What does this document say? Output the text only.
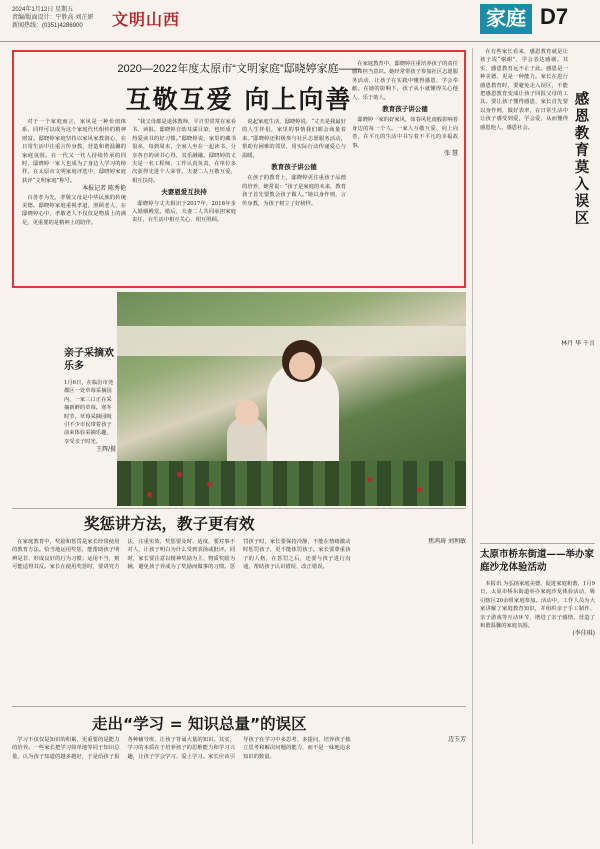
2024年1月12日 星期五
责编/版面设计：宁胜高 刘芷妍
新闻热线：(0351)4286900	文明山西	家庭 D7
2020—2022年度太原市“文明家庭”邸晓婷家庭——
互敬互爱 向上向善

对于一个家庭而言，家风是一种价值体系，同样可以成为这个家庭代代相传的精神财富。邸晓婷家庭坚持以家风家教润心，在日常生活中注重言传身教，营造和谐温馨的家庭氛围。在一代又一代人持续传承的同时，邸晓婷一家人也成为了身边人学习的榜样。在太原市文明家庭评选中，邸晓婷家庭获评“文明家庭”称号。

本报记者 陈秀艳

百善孝为先，孝敬父母是中华民族的传统美德。邸晓婷家庭重视孝道，照顾老人，在邸晓婷心中，孝敬老人不仅仅是物质上的满足，更重要的是精神上的陪伴。

“我父母都是退休教师，平日里常常在家看书、读报。邸晓婷自幼耳濡目染，也形成了热爱读书的好习惯。”邸晓婷说，家里的藏书很多，每到周末，全家人坐在一起读书，分享各自的读书心得，其乐融融。邸晓婷的丈夫是一名工程师，工作认真负责，在单位多次获得先进个人荣誉。夫妻二人互敬互爱，相互扶持。

夫妻恩爱互扶持

邸晓婷与丈夫相识于2017年，2018年步入婚姻殿堂。婚后，夫妻二人共同承担家庭责任，在生活中相互关心、相互照顾。

说起家庭生活，邸晓婷说，“丈夫是我最好的人生伴侣，家里的事情我们都会商量着来。”邸晓婷还积极参与社区志愿服务活动，帮助有困难的邻居，用实际行动传递爱心与温暖。

教育孩子讲公德

在孩子的教育上，邸晓婷更注重孩子品德的培养，她常说：“孩子是家庭的未来，教育孩子首先要教会孩子做人。”她以身作则，言传身教，为孩子树立了好榜样。

在家庭教育中，邸晓婷注重培养孩子的责任感和担当意识。她经常带孩子参加社区志愿服务活动，让孩子在实践中懂得感恩、学会奉献。在她的影响下，孩子从小就懂得关心他人、乐于助人。

教育孩子讲公德

邸晓婷一家的好家风，如春风化雨般影响着身边的每一个人。一家人互敬互爱、向上向善，在平凡的生活中书写着不平凡的幸福故事。

张 慧

亲子采摘欢乐多
1月6日，在临汾市尧都区一处草莓采摘园内，一家三口正在采摘新鲜的草莓。寒冬时节，草莓采摘园吸引不少市民带着孩子前来体验采摘乐趣，享受亲子时光。
王辉/摄
奖惩讲方法，教子更有效

在家庭教育中，奖励和惩罚是家长经常使用的教育方法。恰当地运用奖惩，能帮助孩子明辨是非、形成良好的行为习惯；运用不当，则可能适得其反。家长在使用奖惩时，要讲究方法，注重实效，奖惩要及时、适度，要对事不对人，让孩子明白为什么受到表扬或批评。同时，家长要注意以精神奖励为主、物质奖励为辅，避免孩子养成为了奖励而做事的习惯。惩罚孩子时，家长要保持冷静，不能在情绪激动时惩罚孩子，更不能体罚孩子。家长要尊重孩子的人格，在惩罚之后，还要与孩子进行沟通，帮助孩子认识错误、改正错误。

焦鸿琦 刘利敏

走出“学习 = 知识总量”的误区

学习不仅仅是知识的积累，更重要的是能力的培养。一些家长把学习简单地等同于知识总量，认为孩子知道的越多越好，于是给孩子报各种辅导班，让孩子背诵大量的知识。其实，学习的本质在于培养孩子的思维能力和学习兴趣，让孩子学会学习、爱上学习。家长应该引导孩子在学习中多思考、多提问，培养孩子独立思考和解决问题的能力，而不是一味地追求知识的数量。

迈玉芳

感恩教育莫入误区

在有些家长看来，感恩教育就是让孩子说“谢谢”，学会表达感谢。其实，感恩教育远不止于此。感恩是一种美德，更是一种能力。家长在进行感恩教育时，要避免走入误区，不能把感恩教育变成让孩子回报父母的工具。要让孩子懂得感恩，家长首先要以身作则，做好表率，在日常生活中让孩子感受到爱，学会爱，从而懂得感恩他人、感恩社会。

林丹 华 千言

太原市桥东街道——举办家庭沙龙体验活动

本报讯 为弘扬家庭美德，促进家庭和谐，1月9日，太原市桥东街道举办家庭沙龙体验活动，吸引辖区20余组家庭参加。活动中，工作人员为大家讲解了家庭教育知识，并组织亲子手工制作、亲子游戏等互动环节，增进了亲子感情，营造了和谐温馨的家庭氛围。

(李佳琪)
